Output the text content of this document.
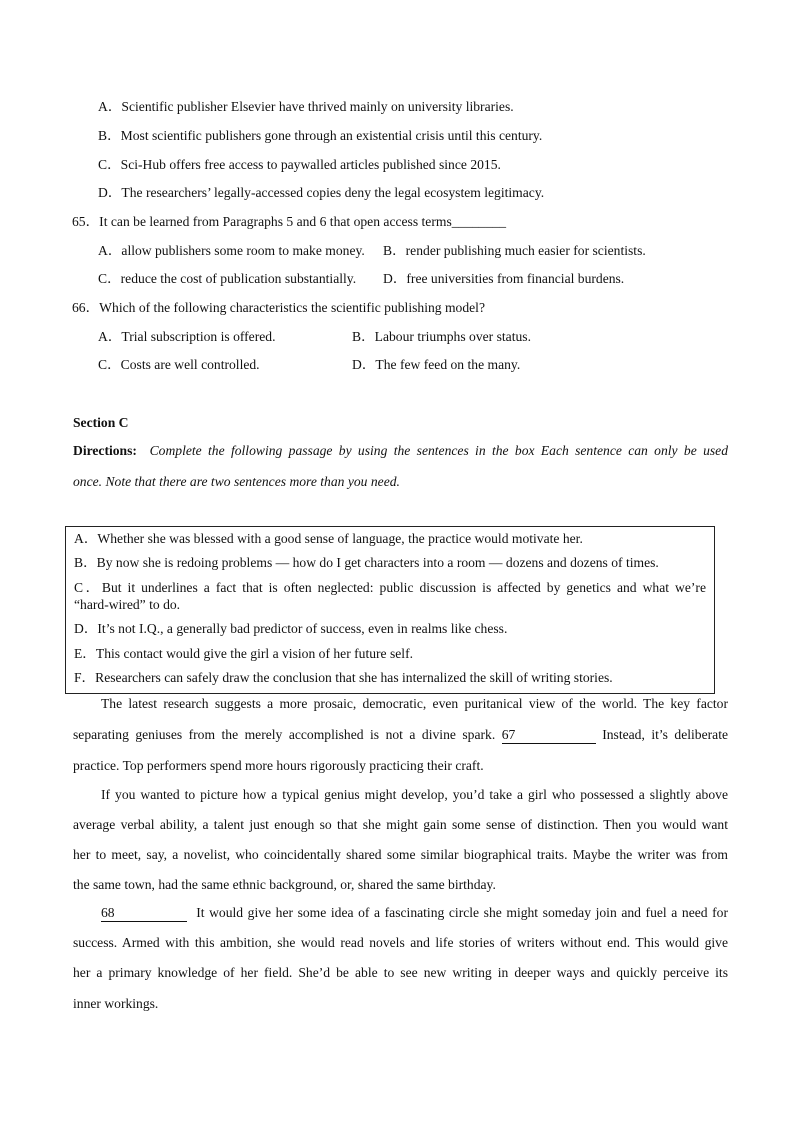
A．Scientific publisher Elsevier have thrived mainly on university libraries.
B．Most scientific publishers gone through an existential crisis until this century.
C．Sci-Hub offers free access to paywalled articles published since 2015.
D．The researchers’ legally-accessed copies deny the legal ecosystem legitimacy.
65．It can be learned from Paragraphs 5 and 6 that open access terms________
A．allow publishers some room to make money. B．render publishing much easier for scientists.
C．reduce the cost of publication substantially. D．free universities from financial burdens.
66．Which of the following characteristics the scientific publishing model?
A．Trial subscription is offered.	B．Labour triumphs over status.
C．Costs are well controlled.	D．The few feed on the many.
Section C
Directions: Complete the following passage by using the sentences in the box Each sentence can only be used
once. Note that there are two sentences more than you need.
A．Whether she was blessed with a good sense of language, the practice would motivate her.
B．By now she is redoing problems — how do I get characters into a room — dozens and dozens of times.
C．But it underlines a fact that is often neglected: public discussion is affected by genetics and what we’re
“hard-wired” to do.
D．It’s not I.Q., a generally bad predictor of success, even in realms like chess.
E．This contact would give the girl a vision of her future self.
F．Researchers can safely draw the conclusion that she has internalized the skill of writing stories.
The latest research suggests a more prosaic, democratic, even puritanical view of the world. The key factor
separating geniuses from the merely accomplished is not a divine spark. 67	Instead, it’s deliberate
practice. Top performers spend more hours rigorously practicing their craft.
If you wanted to picture how a typical genius might develop, you’d take a girl who possessed a slightly above
average verbal ability, a talent just enough so that she might gain some sense of distinction. Then you would want
her to meet, say, a novelist, who coincidentally shared some similar biographical traits. Maybe the writer was from
the same town, had the same ethnic background, or, shared the same birthday.
68	It would give her some idea of a fascinating circle she might someday join and fuel a need for
success. Armed with this ambition, she would read novels and life stories of writers without end. This would give
her a primary knowledge of her field. She’d be able to see new writing in deeper ways and quickly perceive its
inner workings.
